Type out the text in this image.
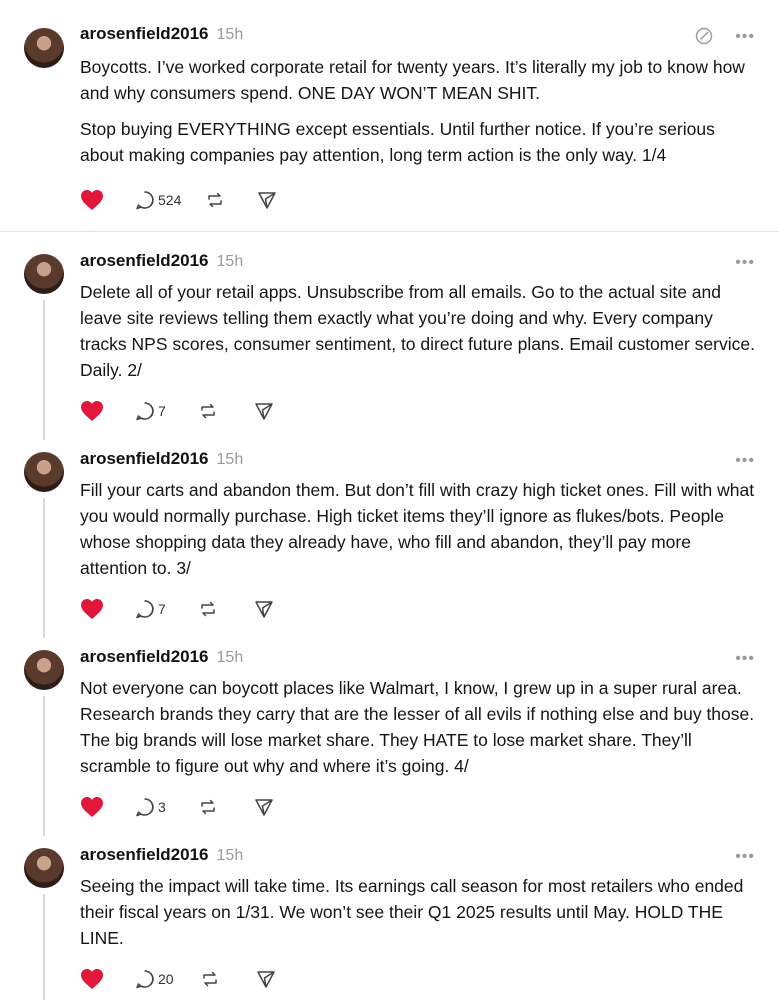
arosenfield2016 15h	•••

Boycotts. I’ve worked corporate retail for twenty years. It’s literally my job to know how and why consumers spend. ONE DAY WON’T MEAN SHIT.

Stop buying EVERYTHING except essentials. Until further notice. If you’re serious about making companies pay attention, long term action is the only way. 1/4

524
arosenfield2016 15h	•••

Delete all of your retail apps. Unsubscribe from all emails. Go to the actual site and leave site reviews telling them exactly what you’re doing and why. Every company tracks NPS scores, consumer sentiment, to direct future plans. Email customer service. Daily. 2/

7
arosenfield2016 15h	•••

Fill your carts and abandon them. But don’t fill with crazy high ticket ones. Fill with what you would normally purchase. High ticket items they’ll ignore as flukes/bots. People whose shopping data they already have, who fill and abandon, they’ll pay more attention to. 3/

7
arosenfield2016 15h	•••

Not everyone can boycott places like Walmart, I know, I grew up in a super rural area. Research brands they carry that are the lesser of all evils if nothing else and buy those. The big brands will lose market share. They HATE to lose market share. They’ll scramble to figure out why and where it’s going. 4/

3
arosenfield2016 15h	•••

Seeing the impact will take time. Its earnings call season for most retailers who ended their fiscal years on 1/31. We won’t see their Q1 2025 results until May. HOLD THE LINE.

20
